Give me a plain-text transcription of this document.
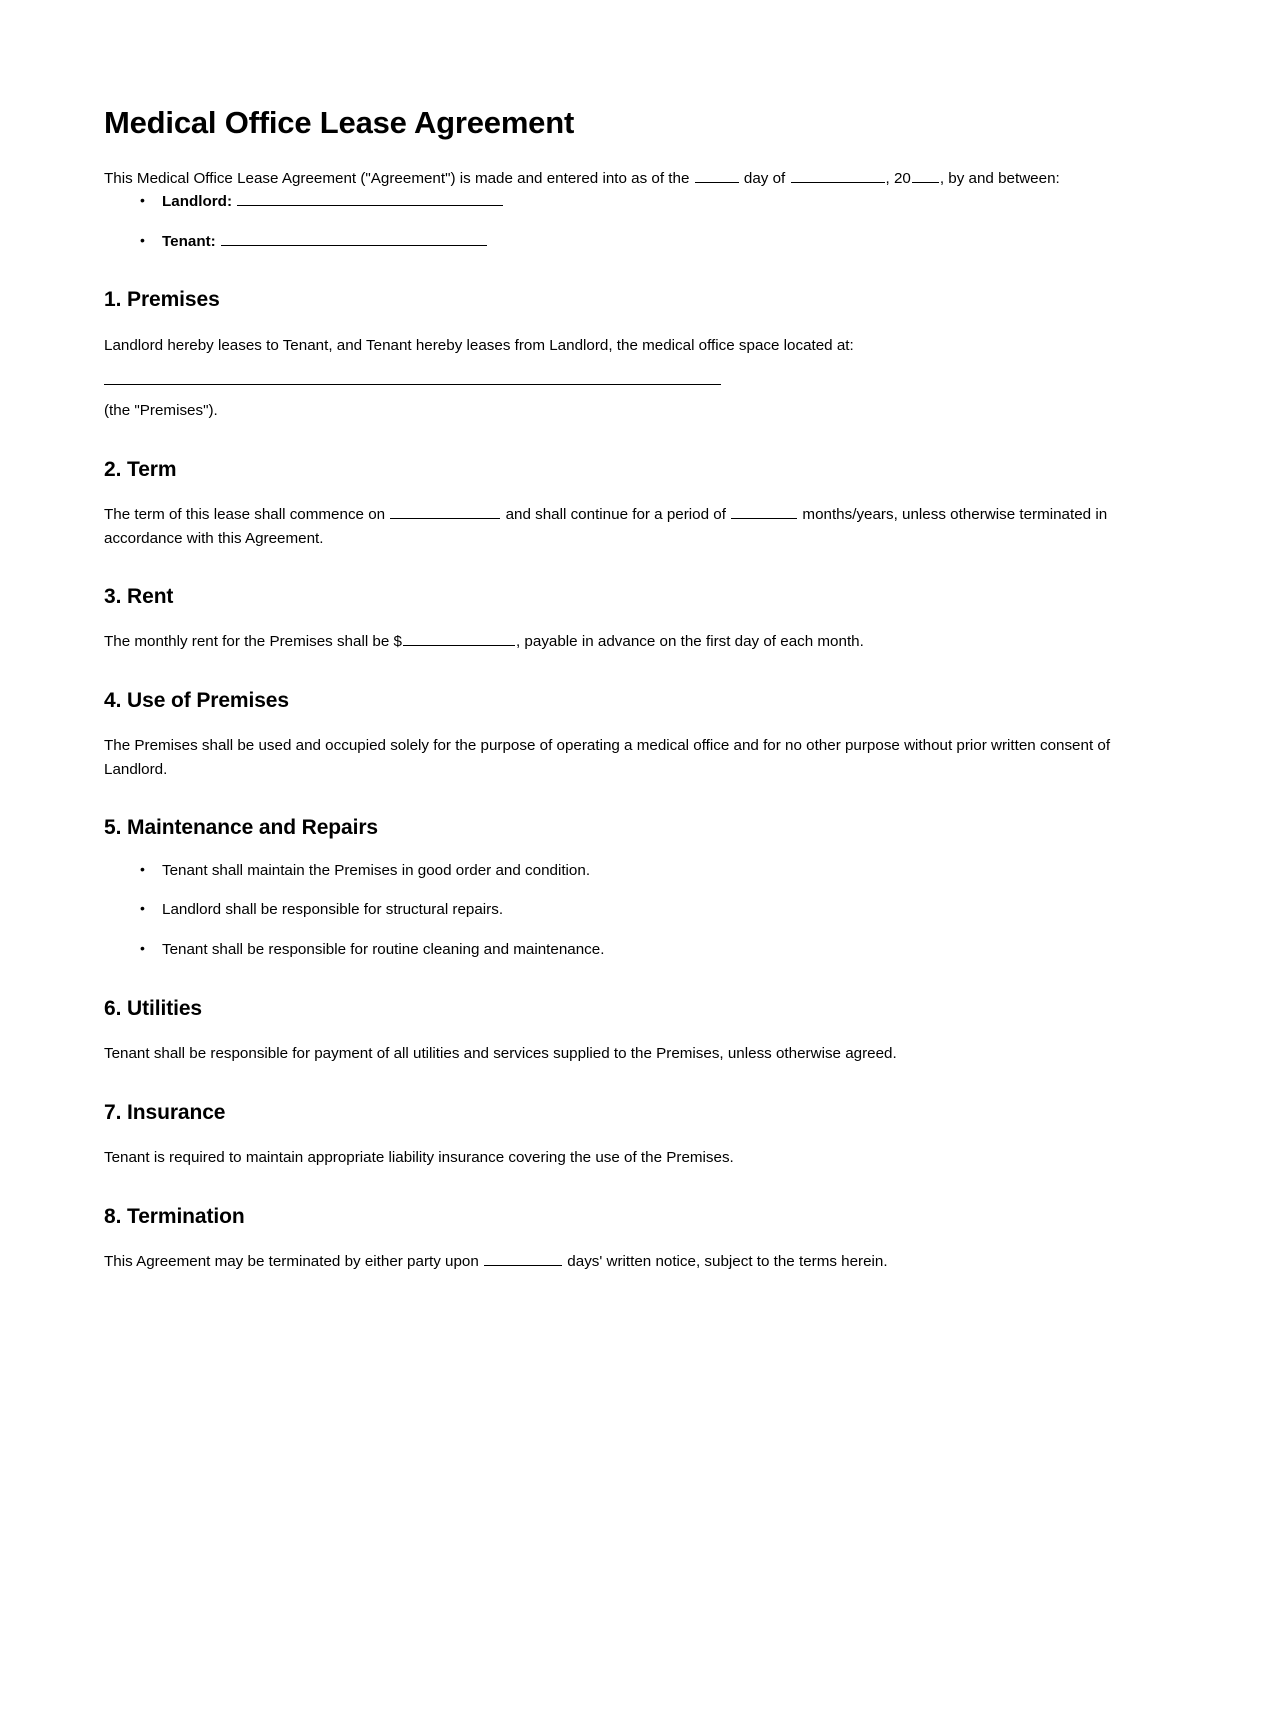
Medical Office Lease Agreement

This Medical Office Lease Agreement ("Agreement") is made and entered into as of the	day of	, 20 , by and between:

• Landlord:
• Tenant:
1. Premises

Landlord hereby leases to Tenant, and Tenant hereby leases from Landlord, the medical office space located at:

(the "Premises").

2. Term

The term of this lease shall commence on	and shall continue for a period of	months/years, unless otherwise terminated in accordance with this Agreement.

3. Rent

The monthly rent for the Premises shall be $	, payable in advance on the first day of each month.

4. Use of Premises

The Premises shall be used and occupied solely for the purpose of operating a medical office and for no other purpose without prior written consent of Landlord.

5. Maintenance and Repairs
• Tenant shall maintain the Premises in good order and condition.
• Landlord shall be responsible for structural repairs.
• Tenant shall be responsible for routine cleaning and maintenance.
6. Utilities

Tenant shall be responsible for payment of all utilities and services supplied to the Premises, unless otherwise agreed.

7. Insurance

Tenant is required to maintain appropriate liability insurance covering the use of the Premises.

8. Termination

This Agreement may be terminated by either party upon	days' written notice, subject to the terms herein.
